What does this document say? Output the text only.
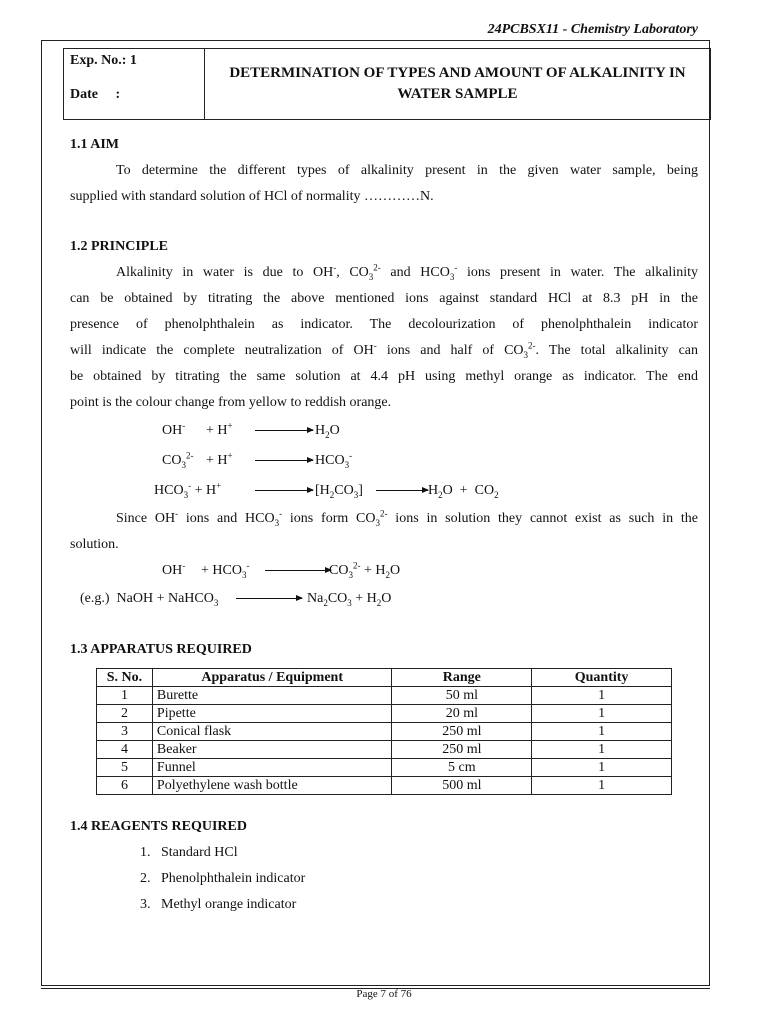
24PCBSX11 - Chemistry Laboratory
Exp. No.: 1
Date     :
DETERMINATION OF TYPES AND AMOUNT OF ALKALINITY IN
WATER SAMPLE
1.1 AIM
To determine the different types of alkalinity present in the given water sample, being
supplied with standard solution of HCl of normality …………N.
1.2 PRINCIPLE
Alkalinity in water is due to OH-, $CO_3^{2-}$ and $HCO_3^-$ ions present in water. The alkalinity
can be obtained by titrating the above mentioned ions against standard HCl at 8.3 pH in the
presence of phenolphthalein as indicator. The decolourization of phenolphthalein indicator
will indicate the complete neutralization of OH- ions and half of $CO_3^{2-}$. The total alkalinity can
be obtained by titrating the same solution at 4.4 pH using methyl orange as indicator. The end
point is the colour change from yellow to reddish orange.
OH- + H+	$H_2O$
$CO_3^{2-} + H^+$	$HCO_3^-$
$HCO_3^- + H^+$	$[H_2CO_3]$	$H_2O + CO_2$
Since OH- ions and $HCO_3^-$ ions form $CO_3^{2-}$ ions in solution they cannot exist as such in the
solution.
$OH^- + HCO_3^-$	$CO_3^{2-} + H_2O$
(e.g.)  NaOH + NaHCO$_3$	$Na_2CO_3 + H_2O$
1.3 APPARATUS REQUIRED
S. No.	Apparatus / Equipment	Range	Quantity
1	Burette	50 ml	1
2	Pipette	20 ml	1
3	Conical flask	250 ml	1
4	Beaker	250 ml	1
5	Funnel	5 cm	1
6	Polyethylene wash bottle	500 ml	1
1.4 REAGENTS REQUIRED
1.   Standard HCl
2.   Phenolphthalein indicator
3.   Methyl orange indicator
Page 7 of 76
